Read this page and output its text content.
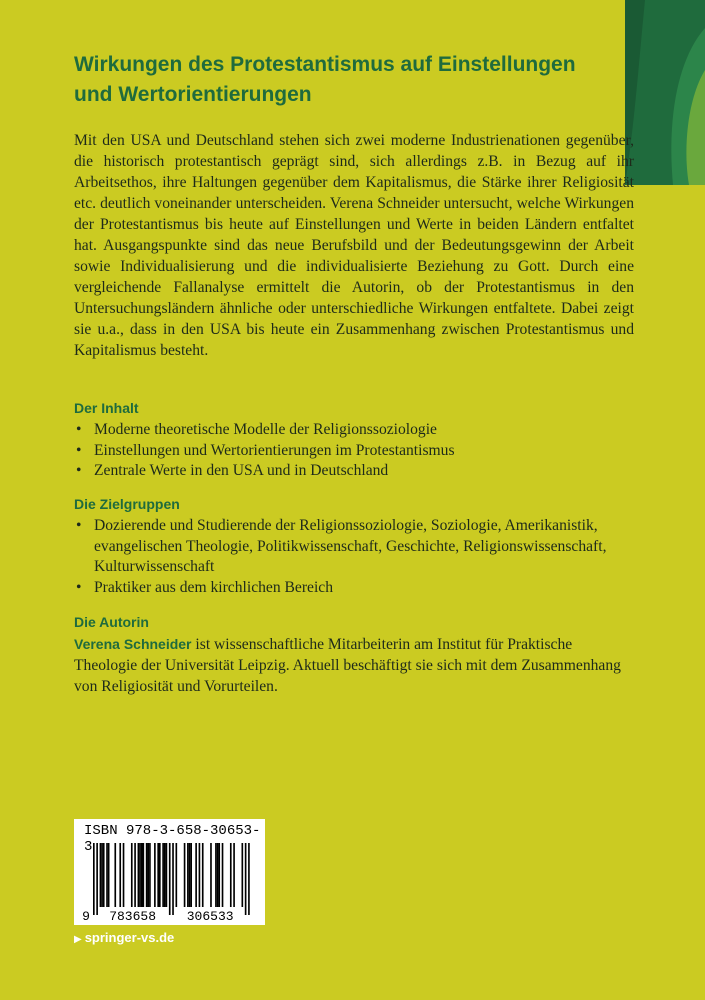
Wirkungen des Protestantismus auf Einstellungen und Wertorientierungen

Mit den USA und Deutschland stehen sich zwei moderne Industrienationen gegenüber, die historisch protestantisch geprägt sind, sich allerdings z.B. in Bezug auf ihr Arbeitsethos, ihre Haltungen gegenüber dem Kapitalismus, die Stärke ihrer Religiosität etc. deutlich voneinander unterscheiden. Verena Schneider untersucht, welche Wirkungen der Protestantismus bis heute auf Einstellungen und Werte in beiden Ländern entfaltet hat. Ausgangspunkte sind das neue Berufsbild und der Bedeutungsgewinn der Arbeit sowie Individualisierung und die individualisierte Beziehung zu Gott. Durch eine vergleichende Fallanalyse ermittelt die Autorin, ob der Protestantismus in den Untersuchungsländern ähnliche oder unterschiedliche Wirkungen entfaltete. Dabei zeigt sie u.a., dass in den USA bis heute ein Zusammenhang zwischen Protestantismus und Kapitalismus besteht.

Der Inhalt
• Moderne theoretische Modelle der Religionssoziologie
• Einstellungen und Wertorientierungen im Protestantismus
• Zentrale Werte in den USA und in Deutschland
Die Zielgruppen
• Dozierende und Studierende der Religionssoziologie, Soziologie, Amerikanistik, evangelischen Theologie, Politikwissenschaft, Geschichte, Religionswissenschaft, Kulturwissenschaft
• Praktiker aus dem kirchlichen Bereich
Die Autorin

Verena Schneider ist wissenschaftliche Mitarbeiterin am Institut für Praktische Theologie der Universität Leipzig. Aktuell beschäftigt sie sich mit dem Zusammenhang von Religiosität und Vorurteilen.

9 783658 306533
ISBN 978-3-658-30653-3
▶ springer-vs.de
